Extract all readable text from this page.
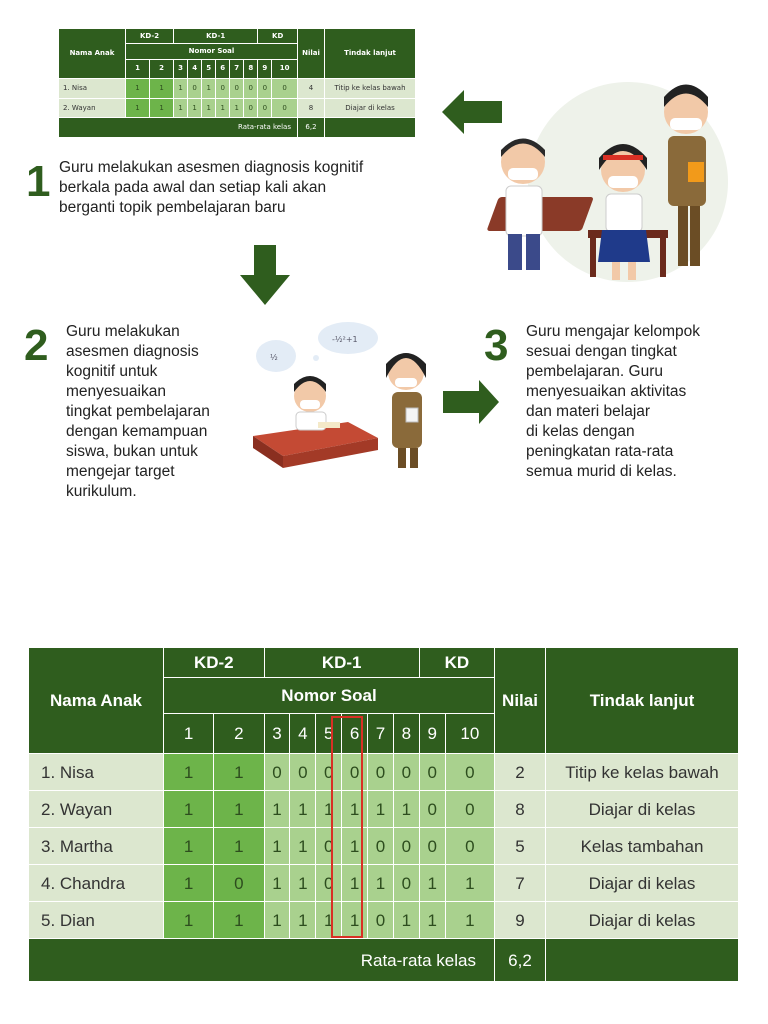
Nama Anak	KD-2		KD-1						KD		Nilai	Tindak lanjut
	Nomor Soal											
	1	2	3	4	5	6	7	8	9	10		
1. Nisa	1	1	1	0	1	0	0	0	0	0	4	Titip ke kelas bawah
2. Wayan	1	1	1	1	1	1	1	0	0	0	8	Diajar di kelas
Rata-rata kelas											6,2	
1 Guru melakukan asesmen diagnosis kognitif
berkala pada awal dan setiap kali akan
berganti topik pembelajaran baru
2 Guru melakukan
asesmen diagnosis
kognitif untuk
menyesuaikan
tingkat pembelajaran
dengan kemampuan
siswa, bukan untuk
mengejar target
kurikulum.
½
-½²+1	3 Guru mengajar kelompok
sesuai dengan tingkat
pembelajaran. Guru
menyesuaikan aktivitas
dan materi belajar
di kelas dengan
peningkatan rata-rata
semua murid di kelas.
Nama Anak	KD-2		KD-1						KD		Nilai	Tindak lanjut
	Nomor Soal											
	1	2	3	4	5	6	7	8	9	10		
1. Nisa	1	1	0	0	0	0	0	0	0	0	2	Titip ke kelas bawah
2. Wayan	1	1	1	1	1	1	1	1	0	0	8	Diajar di kelas
3. Martha	1	1	1	1	0	1	0	0	0	0	5	Kelas tambahan
4. Chandra	1	0	1	1	0	1	1	0	1	1	7	Diajar di kelas
5. Dian	1	1	1	1	1	1	0	1	1	1	9	Diajar di kelas
Rata-rata kelas											6,2	
